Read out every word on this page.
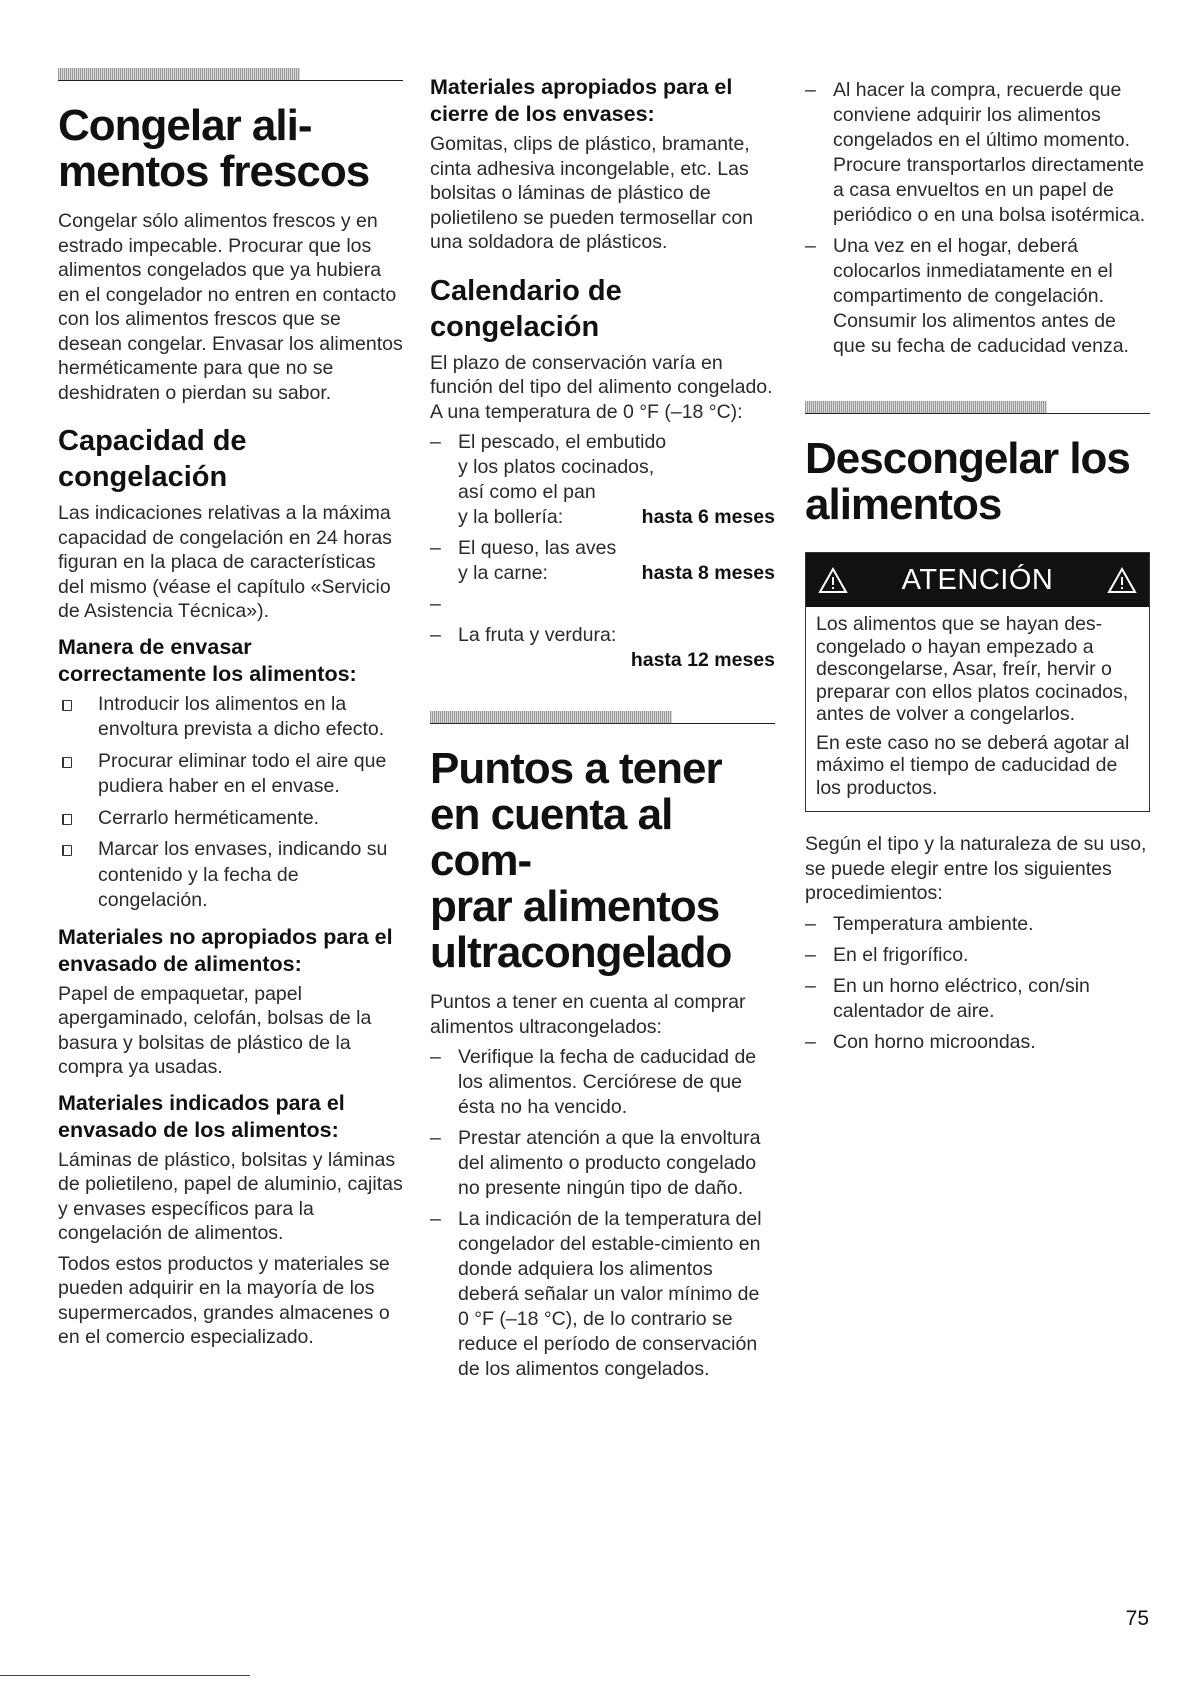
Congelar ali-
mentos frescos

Congelar sólo alimentos frescos y en estrado impecable. Procurar que los alimentos congelados que ya hubiera en el congelador no entren en contacto con los alimentos frescos que se desean congelar. Envasar los alimentos herméticamente para que no se deshidraten o pierdan su sabor.

Capacidad de congelación

Las indicaciones relativas a la máxima capacidad de congelación en 24 horas figuran en la placa de características del mismo (véase el capítulo «Servicio de Asistencia Técnica»).

Manera de envasar correctamente los alimentos:
Introducir los alimentos en la envoltura prevista a dicho efecto.
Procurar eliminar todo el aire que pudiera haber en el envase.
Cerrarlo herméticamente.
Marcar los envases, indicando su contenido y la fecha de congelación.
Materiales no apropiados para el envasado de alimentos:

Papel de empaquetar, papel apergaminado, celofán, bolsas de la basura y bolsitas de plástico de la compra ya usadas.

Materiales indicados para el envasado de los alimentos:

Láminas de plástico, bolsitas y láminas de polietileno, papel de aluminio, cajitas y envases específicos para la congelación de alimentos.

Todos estos productos y materiales se pueden adquirir en la mayoría de los supermercados, grandes almacenes o en el comercio especializado.

Materiales apropiados para el cierre de los envases:

Gomitas, clips de plástico, bramante, cinta adhesiva incongelable, etc. Las bolsitas o láminas de plástico de polietileno se pueden termosellar con una soldadora de plásticos.

Calendario de congelación

El plazo de conservación varía en función del tipo del alimento congelado. A una temperatura de 0 °F (–18 °C):

– El pescado, el embutido
y los platos cocinados,
así como el pan
y la bollería:	hasta 6 meses
– El queso, las aves
y la carne:	hasta 8 meses
–

– La fruta y verdura:
hasta 12 meses
Puntos a tener en cuenta al com-
prar alimentos ultracongelado

Puntos a tener en cuenta al comprar alimentos ultracongelados:

– Verifique la fecha de caducidad de los alimentos. Cerciórese de que ésta no ha vencido.
– Prestar atención a que la envoltura del alimento o producto congelado no presente ningún tipo de daño.
– La indicación de la temperatura del congelador del estable-cimiento en donde adquiera los alimentos deberá señalar un valor mínimo de 0 °F (–18 °C), de lo contrario se reduce el período de conservación de los alimentos congelados.
– Al hacer la compra, recuerde que conviene adquirir los alimentos congelados en el último momento. Procure transportarlos directamente a casa envueltos en un papel de periódico o en una bolsa isotérmica.
– Una vez en el hogar, deberá colocarlos inmediatamente en el compartimento de congelación. Consumir los alimentos antes de que su fecha de caducidad venza.
Descongelar los alimentos
ATENCIÓN

Los alimentos que se hayan des-congelado o hayan empezado a descongelarse, Asar, freír, hervir o preparar con ellos platos cocinados, antes de volver a congelarlos.

En este caso no se deberá agotar al máximo el tiempo de caducidad de los productos.

Según el tipo y la naturaleza de su uso, se puede elegir entre los siguientes procedimientos:

– Temperatura ambiente.
– En el frigorífico.
– En un horno eléctrico, con/sin calentador de aire.
– Con horno microondas.
75
